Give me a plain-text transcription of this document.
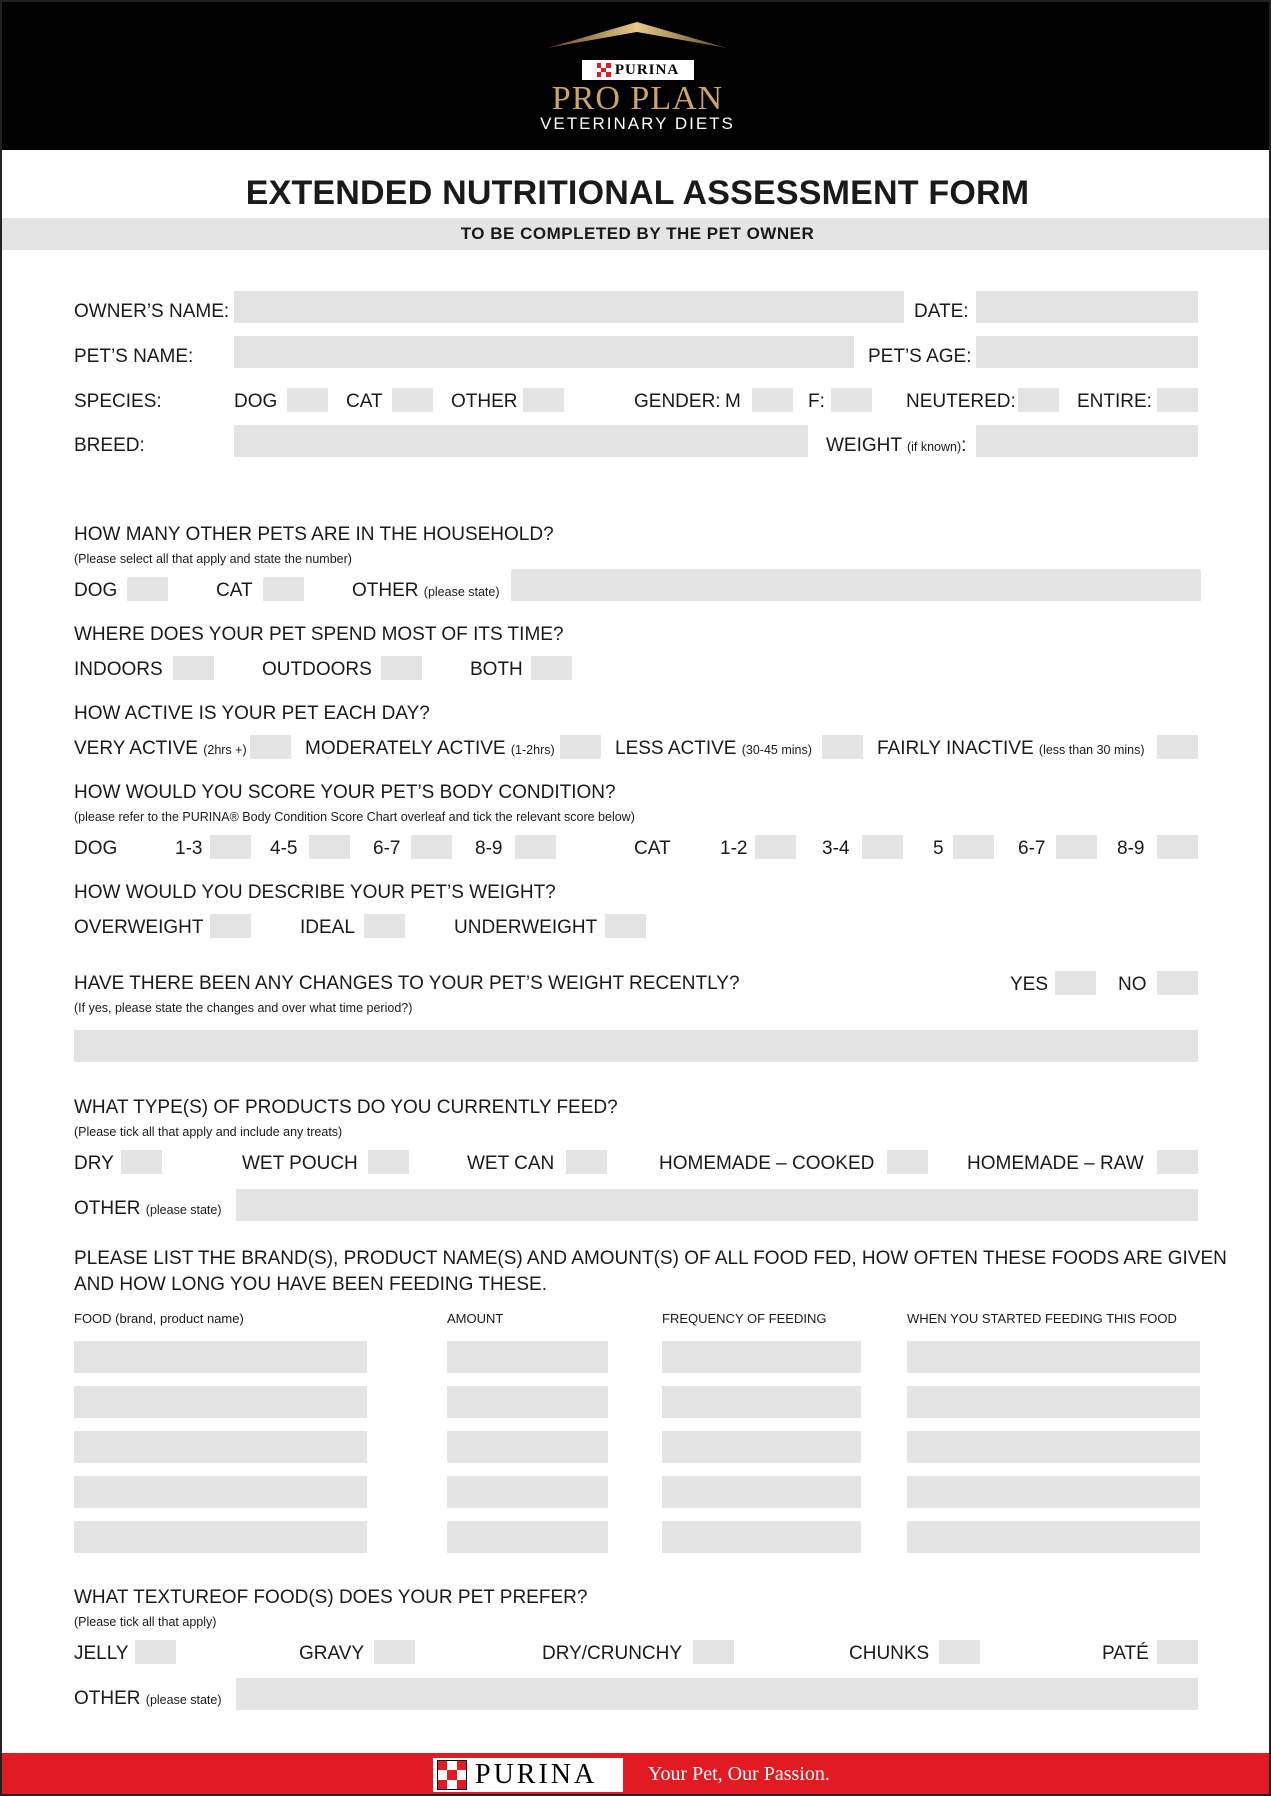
PURINA
PRO PLAN
VETERINARY DIETS
EXTENDED NUTRITIONAL ASSESSMENT FORM
TO BE COMPLETED BY THE PET OWNER
OWNER’S NAME:	DATE:
PET’S NAME:	PET’S AGE:
SPECIES:	DOG	CAT	OTHER	GENDER: M	F:	NEUTERED:	ENTIRE:
BREED:	WEIGHT (if known):
HOW MANY OTHER PETS ARE IN THE HOUSEHOLD?
(Please select all that apply and state the number)
DOG	CAT	OTHER (please state)
WHERE DOES YOUR PET SPEND MOST OF ITS TIME?
INDOORS	OUTDOORS	BOTH
HOW ACTIVE IS YOUR PET EACH DAY?
VERY ACTIVE (2hrs +)	MODERATELY ACTIVE (1-2hrs)	LESS ACTIVE (30-45 mins)	FAIRLY INACTIVE (less than 30 mins)
HOW WOULD YOU SCORE YOUR PET’S BODY CONDITION?
(please refer to the PURINA® Body Condition Score Chart overleaf and tick the relevant score below)
DOG	1-3	4-5	6-7	8-9	CAT	1-2	3-4	5	6-7	8-9
HOW WOULD YOU DESCRIBE YOUR PET’S WEIGHT?
OVERWEIGHT	IDEAL	UNDERWEIGHT
HAVE THERE BEEN ANY CHANGES TO YOUR PET’S WEIGHT RECENTLY?	YES	NO
(If yes, please state the changes and over what time period?)
WHAT TYPE(S) OF PRODUCTS DO YOU CURRENTLY FEED?
(Please tick all that apply and include any treats)
DRY	WET POUCH	WET CAN	HOMEMADE – COOKED	HOMEMADE – RAW
OTHER (please state)
PLEASE LIST THE BRAND(S), PRODUCT NAME(S) AND AMOUNT(S) OF ALL FOOD FED, HOW OFTEN THESE FOODS ARE GIVEN
AND HOW LONG YOU HAVE BEEN FEEDING THESE.
FOOD (brand, product name)	AMOUNT	FREQUENCY OF FEEDING	WHEN YOU STARTED FEEDING THIS FOOD
WHAT TEXTUREOF FOOD(S) DOES YOUR PET PREFER?
(Please tick all that apply)
JELLY	GRAVY	DRY/CRUNCHY	CHUNKS	PATÉ
OTHER (please state)
PURINA	Your Pet, Our Passion.
